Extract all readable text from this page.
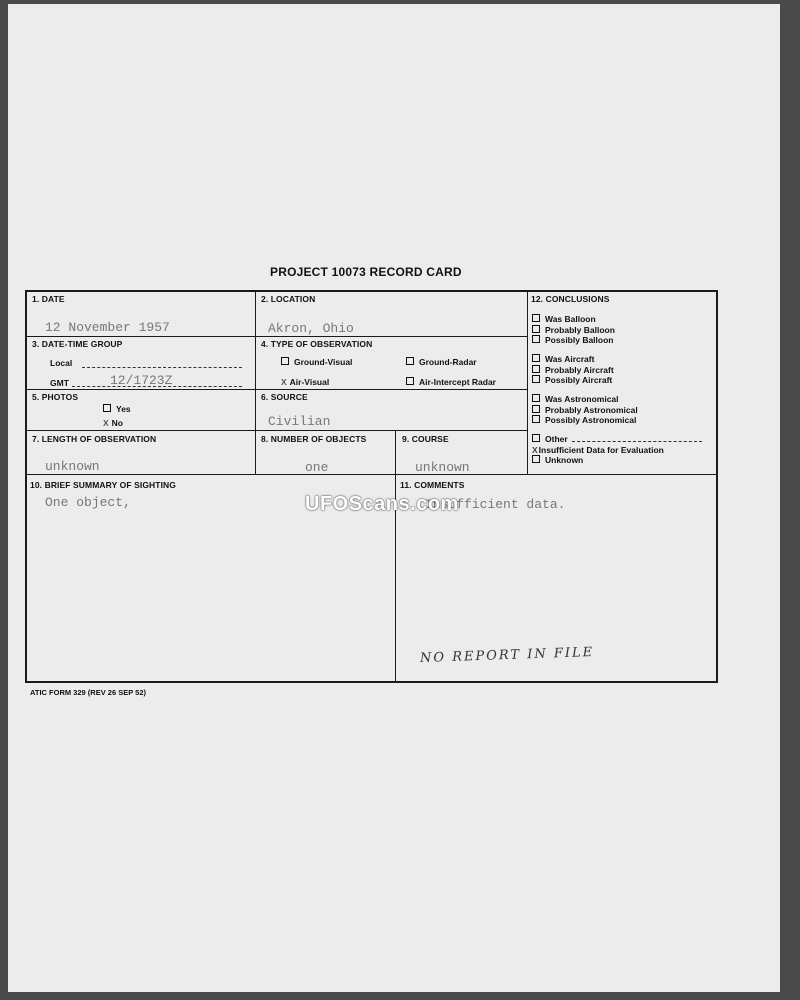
PROJECT 10073 RECORD CARD
1. DATE
12 November 1957
2. LOCATION
Akron, Ohio
3. DATE-TIME GROUP
Local
GMT	12/1723Z
4. TYPE OF OBSERVATION
Ground-Visual	Ground-Radar
X Air-Visual	Air-Intercept Radar
5. PHOTOS
Yes
X No
6. SOURCE
Civilian
7. LENGTH OF OBSERVATION
unknown
8. NUMBER OF OBJECTS
one
9. COURSE
unknown
10. BRIEF SUMMARY OF SIGHTING
One object,
11. COMMENTS
Insufficient data.
12. CONCLUSIONS
Was Balloon
Probably Balloon
Possibly Balloon
Was Aircraft
Probably Aircraft
Possibly Aircraft
Was Astronomical
Probably Astronomical
Possibly Astronomical
Other
XInsufficient Data for Evaluation
Unknown
NO REPORT IN FILE
UFOScans.com
ATIC FORM 329 (REV 26 SEP 52)
